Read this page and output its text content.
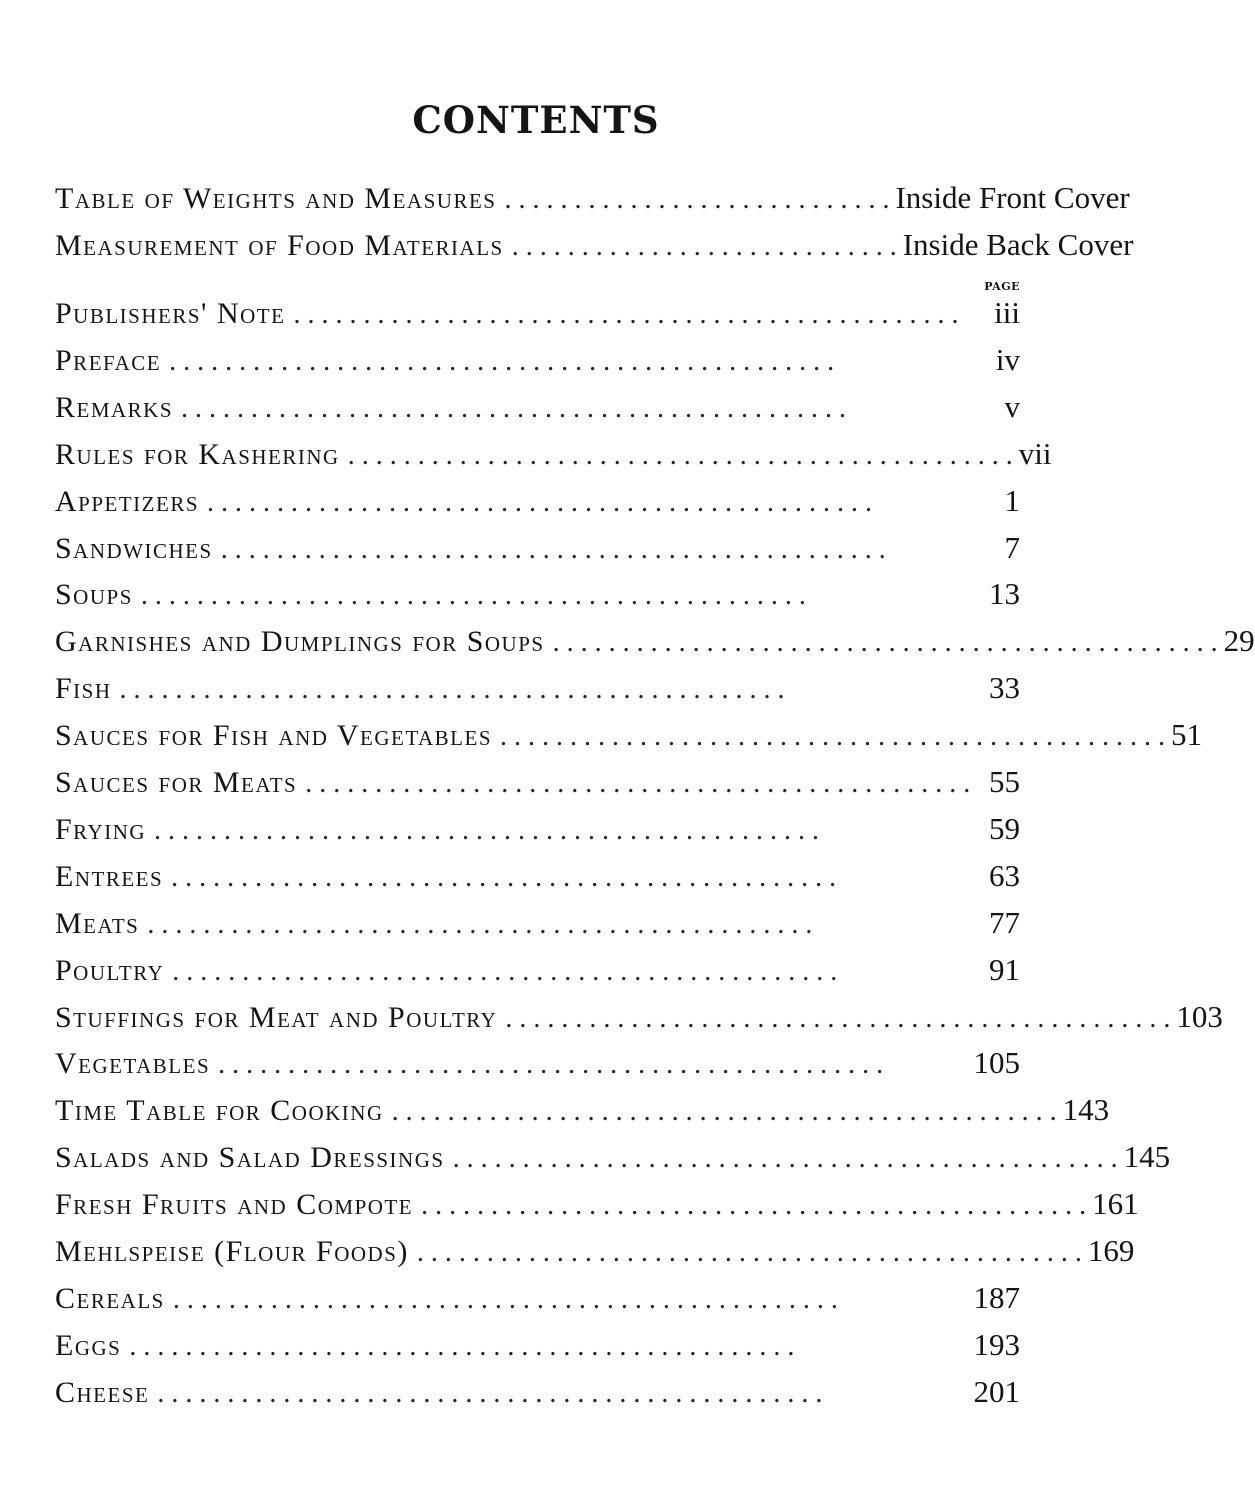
CONTENTS
Table of Weights and Measures . . . . . . . . . . . . . . . . . . . . . . . . . . . . Inside Front Cover
Measurement of Food Materials . . . . . . . . . . . . . . . . . . . . . . . . . . . . Inside Back Cover
PAGE
Publishers' Note . . . . . . . . . . . . . . . . . . . . . . . . . . . . . . . . . . . . . . . . . . . . . . . .	iii
Preface . . . . . . . . . . . . . . . . . . . . . . . . . . . . . . . . . . . . . . . . . . . . . . . .	iv
Remarks . . . . . . . . . . . . . . . . . . . . . . . . . . . . . . . . . . . . . . . . . . . . . . . .	v
Rules for Kashering . . . . . . . . . . . . . . . . . . . . . . . . . . . . . . . . . . . . . . . . . . . . . . . . vii
Appetizers . . . . . . . . . . . . . . . . . . . . . . . . . . . . . . . . . . . . . . . . . . . . . . . .	1
Sandwiches . . . . . . . . . . . . . . . . . . . . . . . . . . . . . . . . . . . . . . . . . . . . . . . .	7
Soups . . . . . . . . . . . . . . . . . . . . . . . . . . . . . . . . . . . . . . . . . . . . . . . .	13
Garnishes and Dumplings for Soups . . . . . . . . . . . . . . . . . . . . . . . . . . . . . . . . . . . . . . . . . . . . . . . . 29
Fish . . . . . . . . . . . . . . . . . . . . . . . . . . . . . . . . . . . . . . . . . . . . . . . .	33
Sauces for Fish and Vegetables . . . . . . . . . . . . . . . . . . . . . . . . . . . . . . . . . . . . . . . . . . . . . . . . 51
Sauces for Meats . . . . . . . . . . . . . . . . . . . . . . . . . . . . . . . . . . . . . . . . . . . . . . . . 55
Frying . . . . . . . . . . . . . . . . . . . . . . . . . . . . . . . . . . . . . . . . . . . . . . . .	59
Entrees . . . . . . . . . . . . . . . . . . . . . . . . . . . . . . . . . . . . . . . . . . . . . . . .	63
Meats . . . . . . . . . . . . . . . . . . . . . . . . . . . . . . . . . . . . . . . . . . . . . . . .	77
Poultry . . . . . . . . . . . . . . . . . . . . . . . . . . . . . . . . . . . . . . . . . . . . . . . .	91
Stuffings for Meat and Poultry . . . . . . . . . . . . . . . . . . . . . . . . . . . . . . . . . . . . . . . . . . . . . . . . 103
Vegetables . . . . . . . . . . . . . . . . . . . . . . . . . . . . . . . . . . . . . . . . . . . . . . . .	105
Time Table for Cooking . . . . . . . . . . . . . . . . . . . . . . . . . . . . . . . . . . . . . . . . . . . . . . . . 143
Salads and Salad Dressings . . . . . . . . . . . . . . . . . . . . . . . . . . . . . . . . . . . . . . . . . . . . . . . . 145
Fresh Fruits and Compote . . . . . . . . . . . . . . . . . . . . . . . . . . . . . . . . . . . . . . . . . . . . . . . . 161
Mehlspeise (Flour Foods) . . . . . . . . . . . . . . . . . . . . . . . . . . . . . . . . . . . . . . . . . . . . . . . . 169
Cereals . . . . . . . . . . . . . . . . . . . . . . . . . . . . . . . . . . . . . . . . . . . . . . . .	187
Eggs . . . . . . . . . . . . . . . . . . . . . . . . . . . . . . . . . . . . . . . . . . . . . . . .	193
Cheese . . . . . . . . . . . . . . . . . . . . . . . . . . . . . . . . . . . . . . . . . . . . . . . .	201
